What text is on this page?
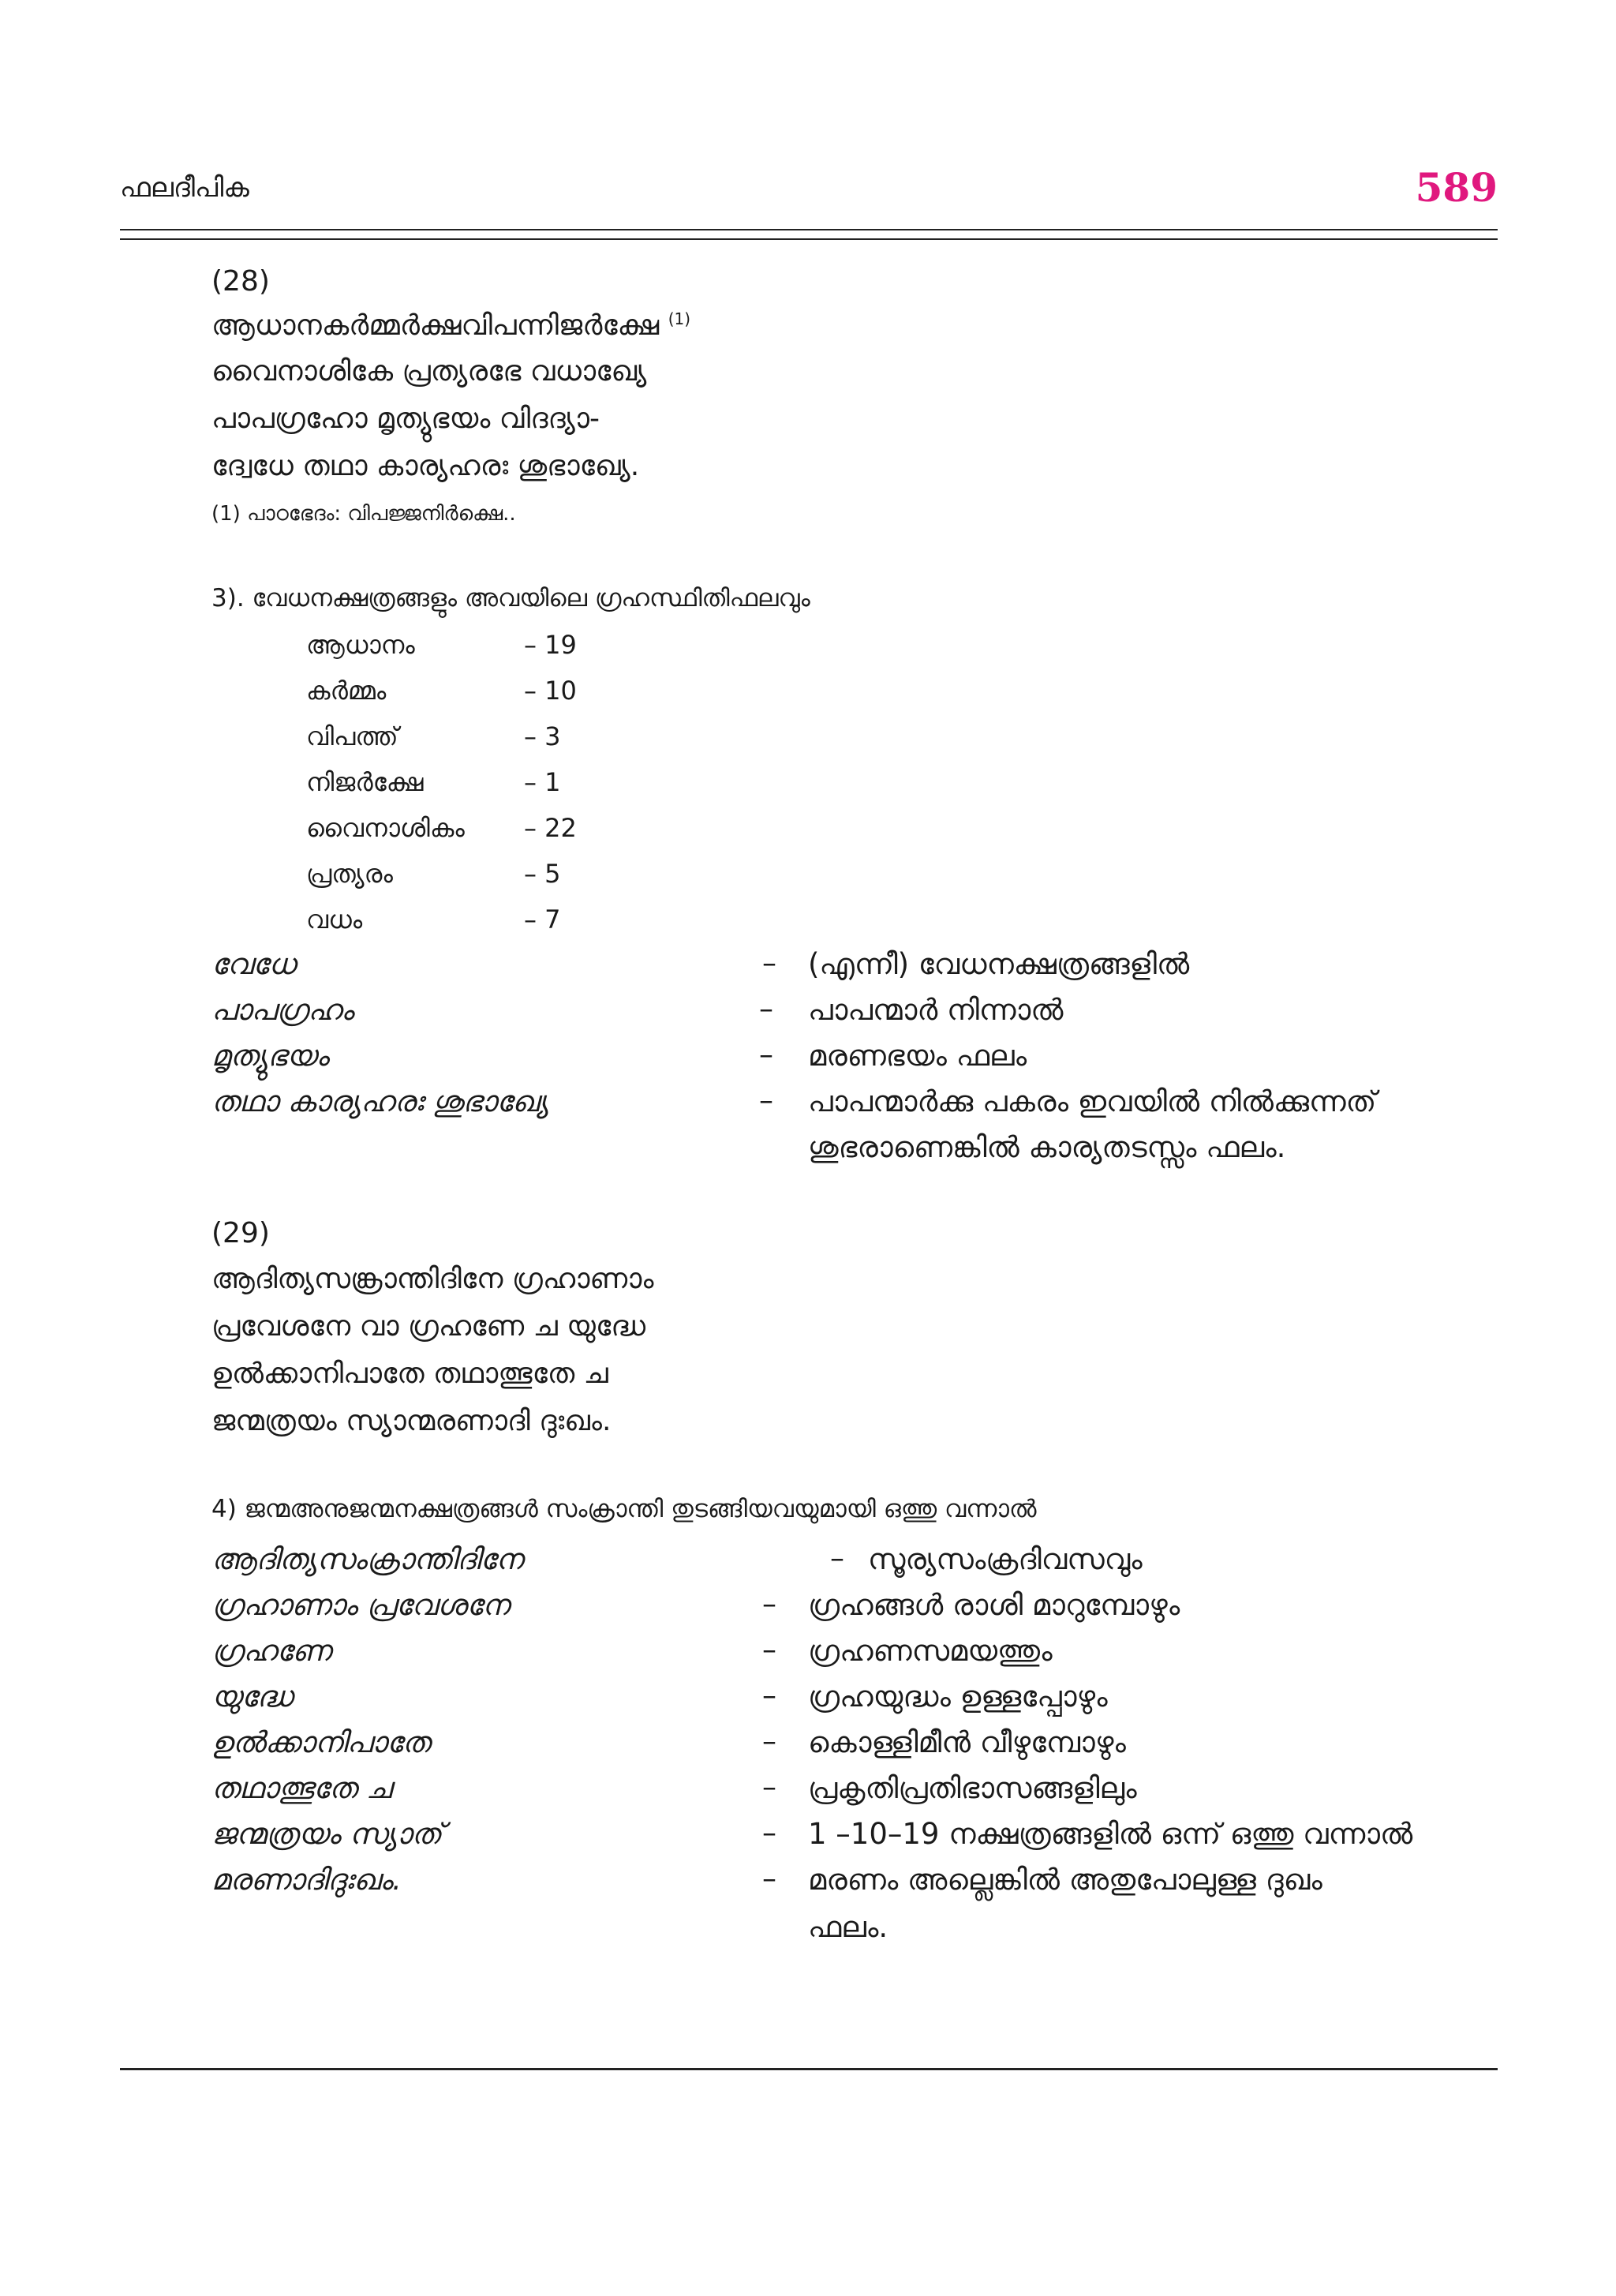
ഫലദീപിക	589
(28)
ആധാനകർമ്മർക്ഷവിപന്നിജർക്ഷേ $^{(1)}$
വൈനാശികേ പ്രത്യരഭേ വധാഖ്യേ
പാപഗ്രഹോ മൃത്യുഭയം വിദദ്യാ-
ദ്വേധേ തഥാ കാര്യഹരഃ ശുഭാഖ്യേ.
(1) പാഠഭേദം: വിപജ്ജനിർക്ഷെ..
3). വേധനക്ഷത്രങ്ങളും അവയിലെ ഗ്രഹസ്ഥിതിഫലവും
ആധാനം	– 19
കർമ്മം	– 10
വിപത്ത്	– 3
നിജർക്ഷേ	– 1
വൈനാശികം – 22
പ്രത്യരം	– 5
വധം	– 7
വേധേ	– (എന്നീ) വേധനക്ഷത്രങ്ങളിൽ
പാപഗ്രഹം	– പാപന്മാർ നിന്നാൽ
മൃത്യുഭയം	– മരണഭയം ഫലം
തഥാ കാര്യഹരഃ ശുഭാഖ്യേ	– പാപന്മാർക്കു പകരം ഇവയിൽ നിൽക്കുന്നത്
ശുഭരാണെങ്കിൽ കാര്യതടസ്സം ഫലം.
(29)
ആദിത്യസങ്ക്രാന്തിദിനേ ഗ്രഹാണാം
പ്രവേശനേ വാ ഗ്രഹണേ ച യുദ്ധേ
ഉൽക്കാനിപാതേ തഥാത്ഭുതേ ച
ജന്മത്രയം സ്യാന്മരണാദി ദുഃഖം.
4) ജന്മഅനുജന്മനക്ഷത്രങ്ങൾ സംക്രാന്തി തുടങ്ങിയവയുമായി ഒത്തു വന്നാൽ
ആദിത്യസംക്രാന്തിദിനേ	– സൂര്യസംക്രദിവസവും
ഗ്രഹാണാം പ്രവേശനേ	– ഗ്രഹങ്ങൾ രാശി മാറുമ്പോഴും
ഗ്രഹണേ	– ഗ്രഹണസമയത്തും
യുദ്ധേ	– ഗ്രഹയുദ്ധം ഉള്ളപ്പോഴും
ഉൽക്കാനിപാതേ	– കൊള്ളിമീൻ വീഴുമ്പോഴും
തഥാത്ഭുതേ ച	– പ്രകൃതിപ്രതിഭാസങ്ങളിലും
ജന്മത്രയം സ്യാത്	– 1 –10–19 നക്ഷത്രങ്ങളിൽ ഒന്ന് ഒത്തു വന്നാൽ
മരണാദിദുഃഖം.	– മരണം അല്ലെങ്കിൽ അതുപോലുള്ള ദുഖം
ഫലം.
